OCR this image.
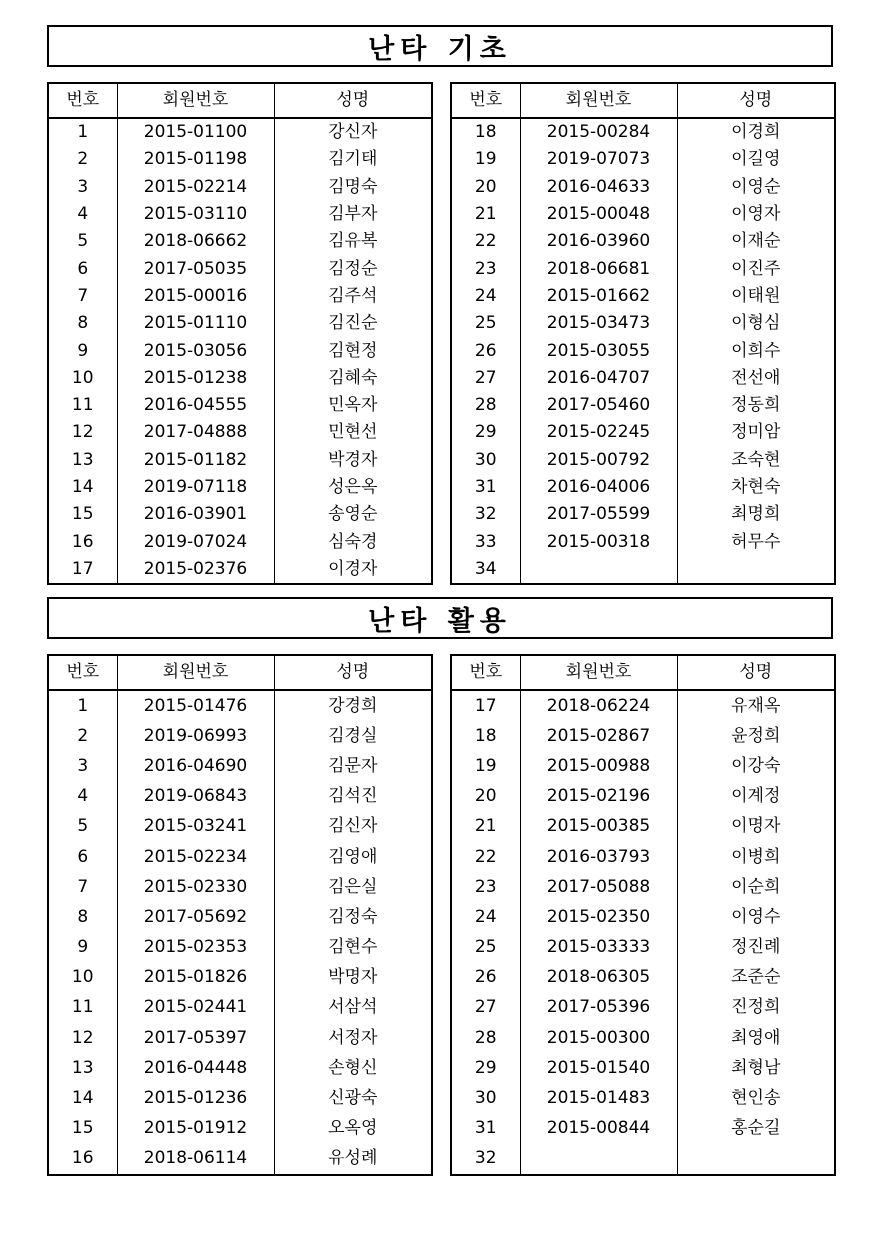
난타 기초
번호	회원번호	성명
1	2015-01100	강신자
2	2015-01198	김기태
3	2015-02214	김명숙
4	2015-03110	김부자
5	2018-06662	김유복
6	2017-05035	김정순
7	2015-00016	김주석
8	2015-01110	김진순
9	2015-03056	김현정
10	2015-01238	김혜숙
11	2016-04555	민옥자
12	2017-04888	민현선
13	2015-01182	박경자
14	2019-07118	성은옥
15	2016-03901	송영순
16	2019-07024	심숙경
17	2015-02376	이경자
번호	회원번호	성명
18	2015-00284	이경희
19	2019-07073	이길영
20	2016-04633	이영순
21	2015-00048	이영자
22	2016-03960	이재순
23	2018-06681	이진주
24	2015-01662	이태원
25	2015-03473	이형심
26	2015-03055	이희수
27	2016-04707	전선애
28	2017-05460	정동희
29	2015-02245	정미암
30	2015-00792	조숙현
31	2016-04006	차현숙
32	2017-05599	최명희
33	2015-00318	허무수
34		
난타 활용
번호	회원번호	성명
1	2015-01476	강경희
2	2019-06993	김경실
3	2016-04690	김문자
4	2019-06843	김석진
5	2015-03241	김신자
6	2015-02234	김영애
7	2015-02330	김은실
8	2017-05692	김정숙
9	2015-02353	김현수
10	2015-01826	박명자
11	2015-02441	서삼석
12	2017-05397	서정자
13	2016-04448	손형신
14	2015-01236	신광숙
15	2015-01912	오옥영
16	2018-06114	유성례
번호	회원번호	성명
17	2018-06224	유재옥
18	2015-02867	윤정희
19	2015-00988	이강숙
20	2015-02196	이계정
21	2015-00385	이명자
22	2016-03793	이병희
23	2017-05088	이순희
24	2015-02350	이영수
25	2015-03333	정진례
26	2018-06305	조준순
27	2017-05396	진정희
28	2015-00300	최영애
29	2015-01540	최형남
30	2015-01483	현인송
31	2015-00844	홍순길
32		
